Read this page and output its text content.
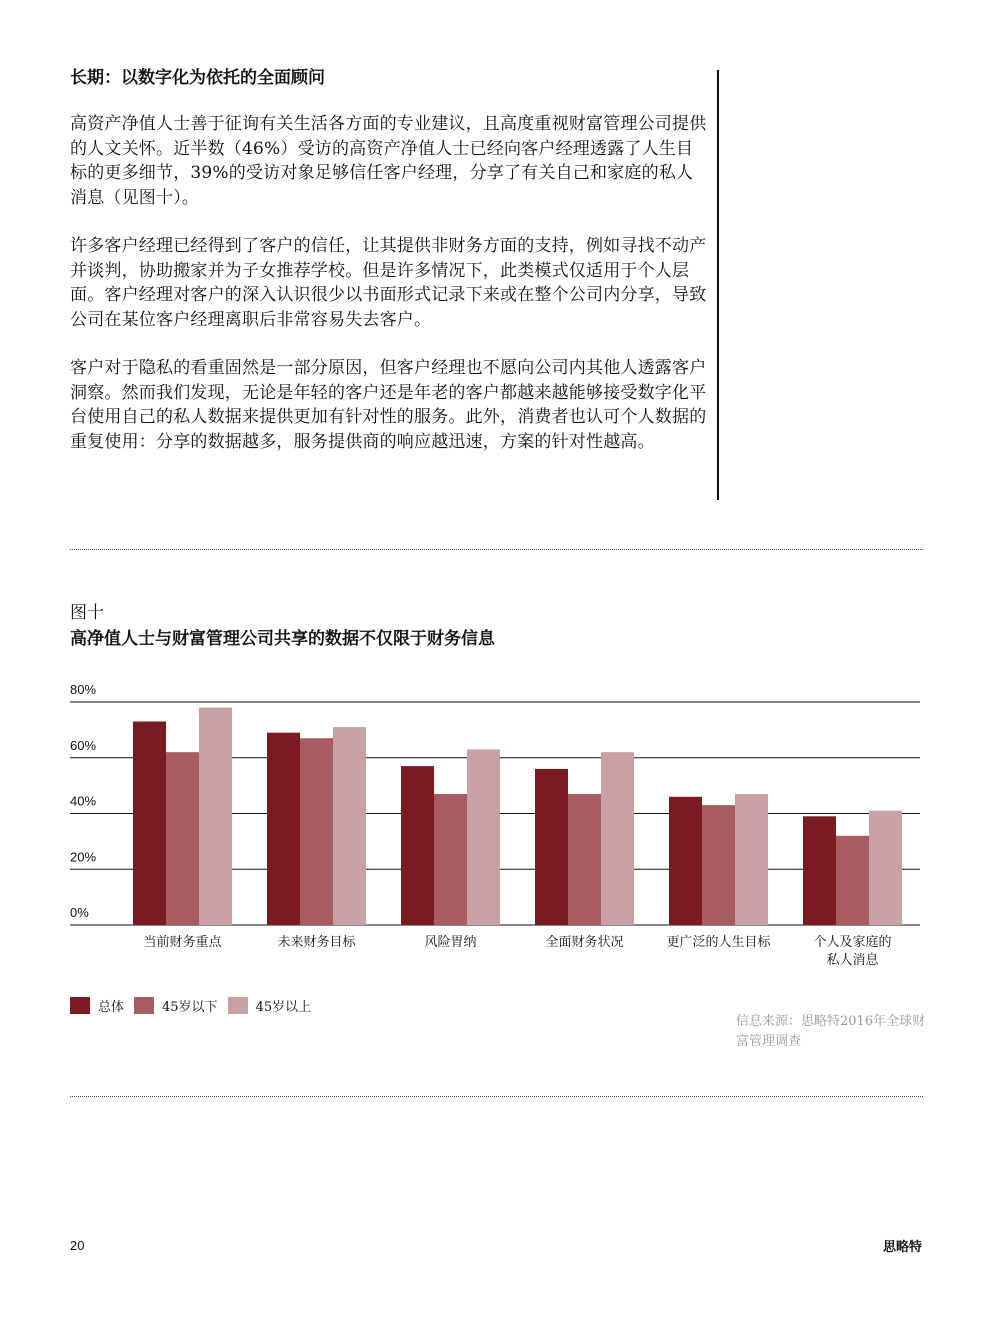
长期：以数字化为依托的全面顾问

高资产净值人士善于征询有关生活各方面的专业建议，且高度重视财富管理公司提供的人文关怀。近半数（46%）受访的高资产净值人士已经向客户经理透露了人生目标的更多细节，39%的受访对象足够信任客户经理，分享了有关自己和家庭的私人消息（见图十）。

许多客户经理已经得到了客户的信任，让其提供非财务方面的支持，例如寻找不动产并谈判，协助搬家并为子女推荐学校。但是许多情况下，此类模式仅适用于个人层面。客户经理对客户的深入认识很少以书面形式记录下来或在整个公司内分享，导致公司在某位客户经理离职后非常容易失去客户。

客户对于隐私的看重固然是一部分原因，但客户经理也不愿向公司内其他人透露客户洞察。然而我们发现，无论是年轻的客户还是年老的客户都越来越能够接受数字化平台使用自己的私人数据来提供更加有针对性的服务。此外，消费者也认可个人数据的重复使用：分享的数据越多，服务提供商的响应越迅速，方案的针对性越高。

图十
高净值人士与财富管理公司共享的数据不仅限于财务信息
0%
20%
40%
60%
80%
当前财务重点	未来财务目标	风险胃纳	全面财务状况	更广泛的人生目标	个人及家庭的
私人消息
总体	45岁以下	45岁以上
信息来源：思略特2016年全球财富管理调查
20	思略特
